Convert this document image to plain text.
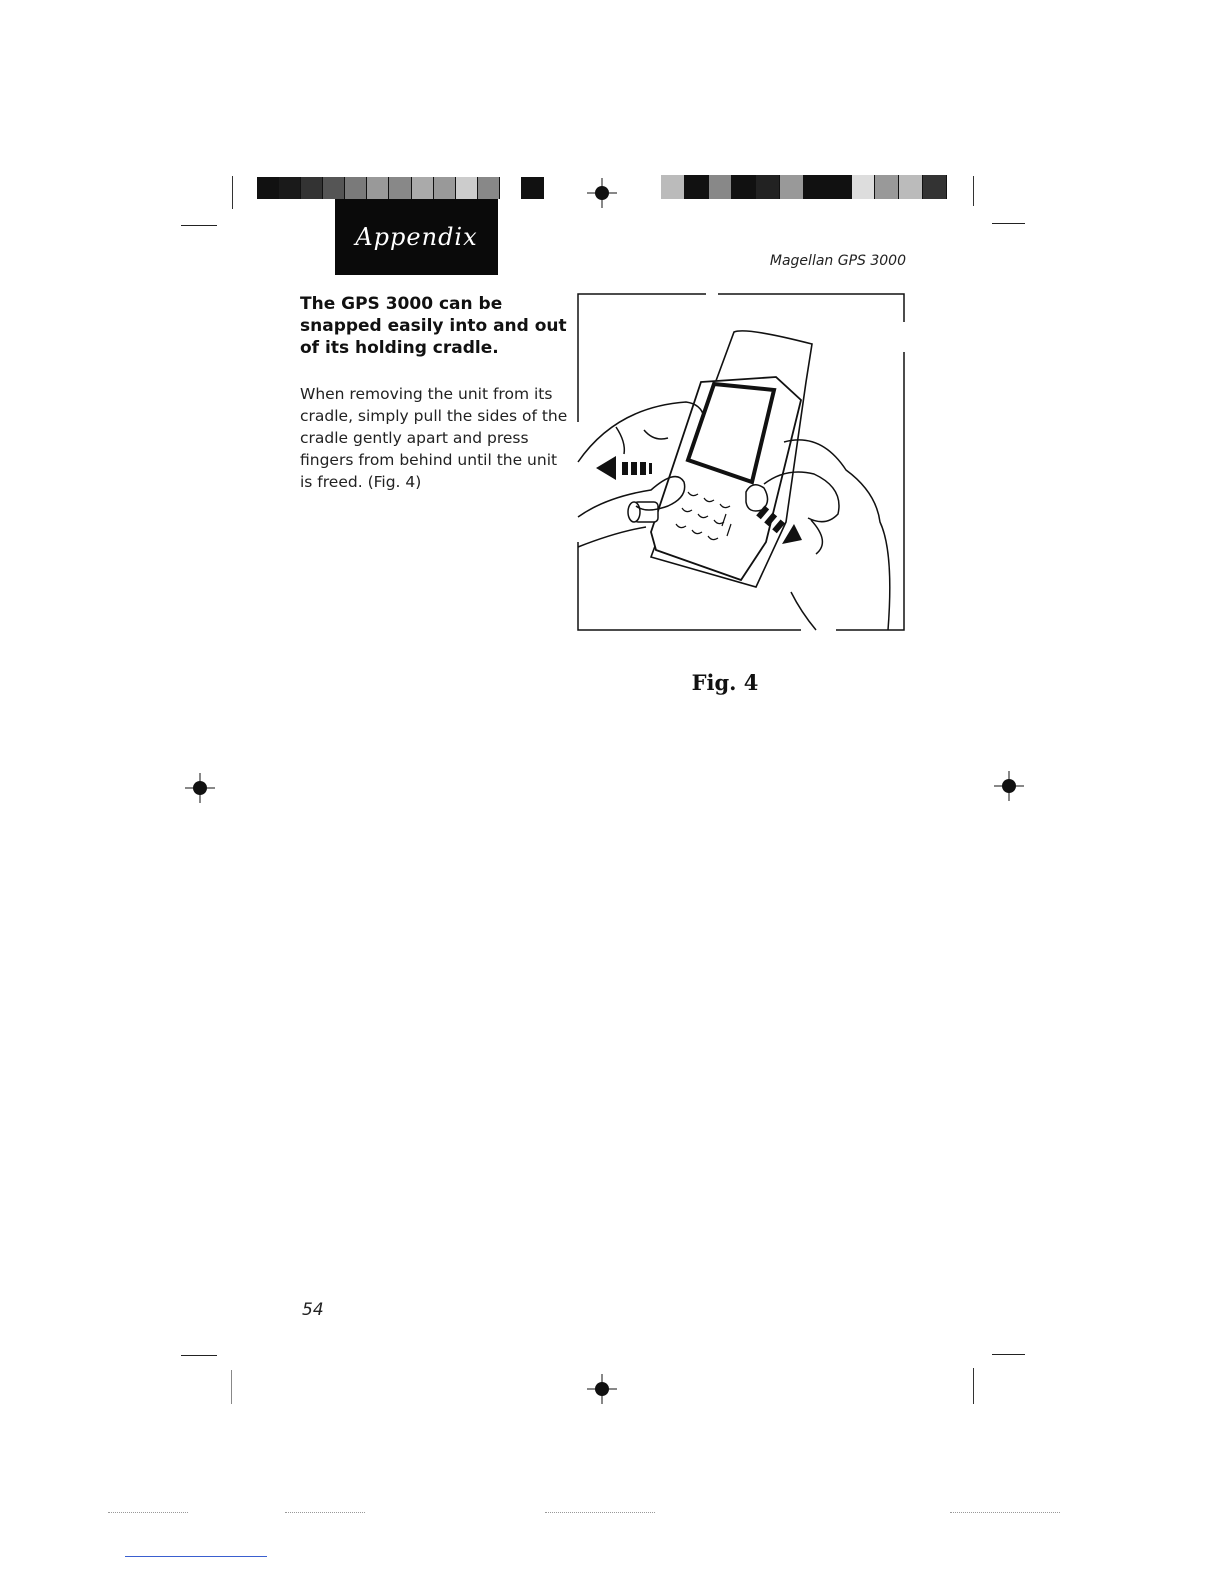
Appendix
Magellan GPS 3000
The GPS 3000 can be snapped easily into and out of its holding cradle.
When removing the unit from its cradle, simply pull the sides of the cradle gently apart and press fingers from behind until the unit is freed. (Fig. 4)
Fig. 4
54
